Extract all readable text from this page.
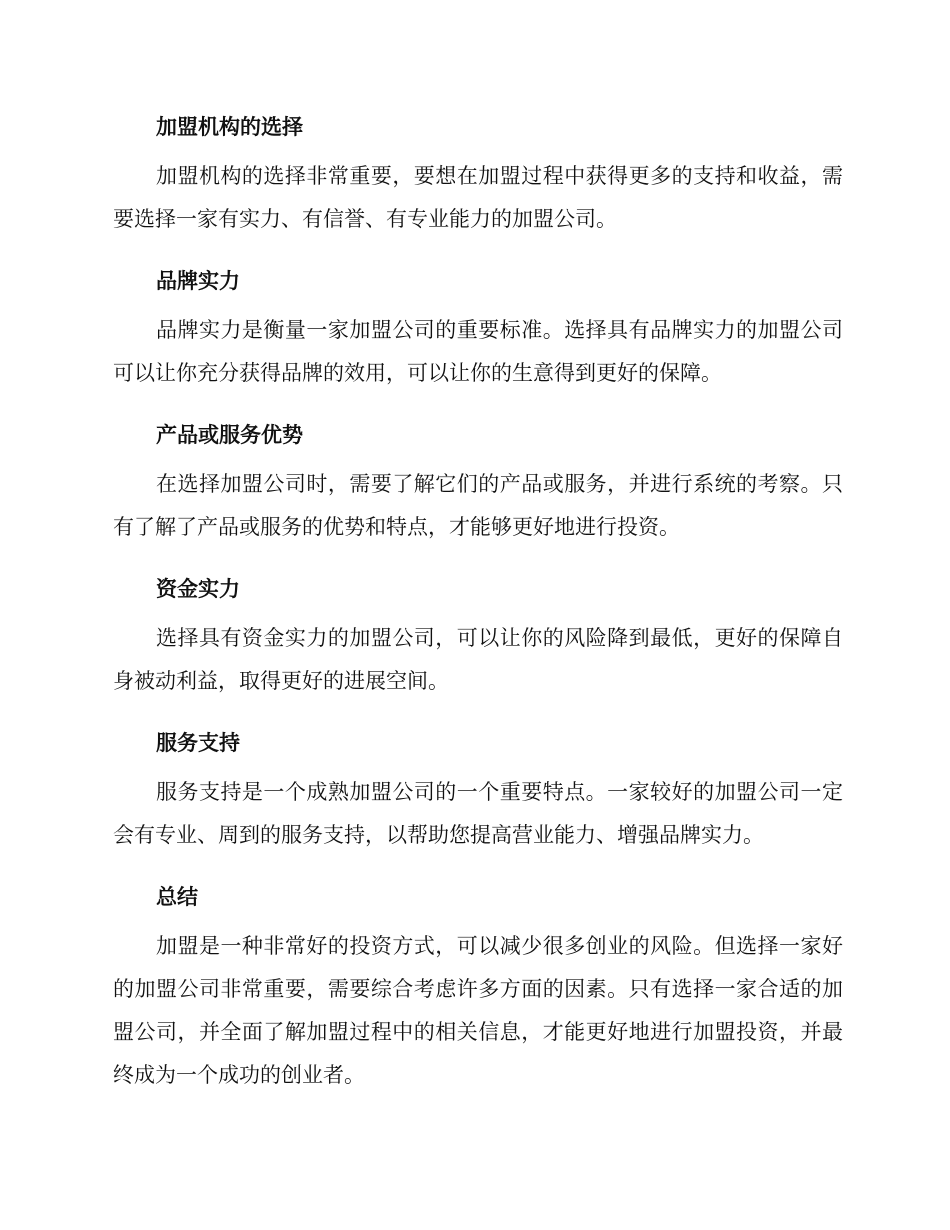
加盟机构的选择

加盟机构的选择非常重要，要想在加盟过程中获得更多的支持和收益，需要选择一家有实力、有信誉、有专业能力的加盟公司。

品牌实力

品牌实力是衡量一家加盟公司的重要标准。选择具有品牌实力的加盟公司可以让你充分获得品牌的效用，可以让你的生意得到更好的保障。

产品或服务优势

在选择加盟公司时，需要了解它们的产品或服务，并进行系统的考察。只有了解了产品或服务的优势和特点，才能够更好地进行投资。

资金实力

选择具有资金实力的加盟公司，可以让你的风险降到最低，更好的保障自身被动利益，取得更好的进展空间。

服务支持

服务支持是一个成熟加盟公司的一个重要特点。一家较好的加盟公司一定会有专业、周到的服务支持，以帮助您提高营业能力、增强品牌实力。

总结

加盟是一种非常好的投资方式，可以减少很多创业的风险。但选择一家好的加盟公司非常重要，需要综合考虑许多方面的因素。只有选择一家合适的加盟公司，并全面了解加盟过程中的相关信息，才能更好地进行加盟投资，并最终成为一个成功的创业者。
